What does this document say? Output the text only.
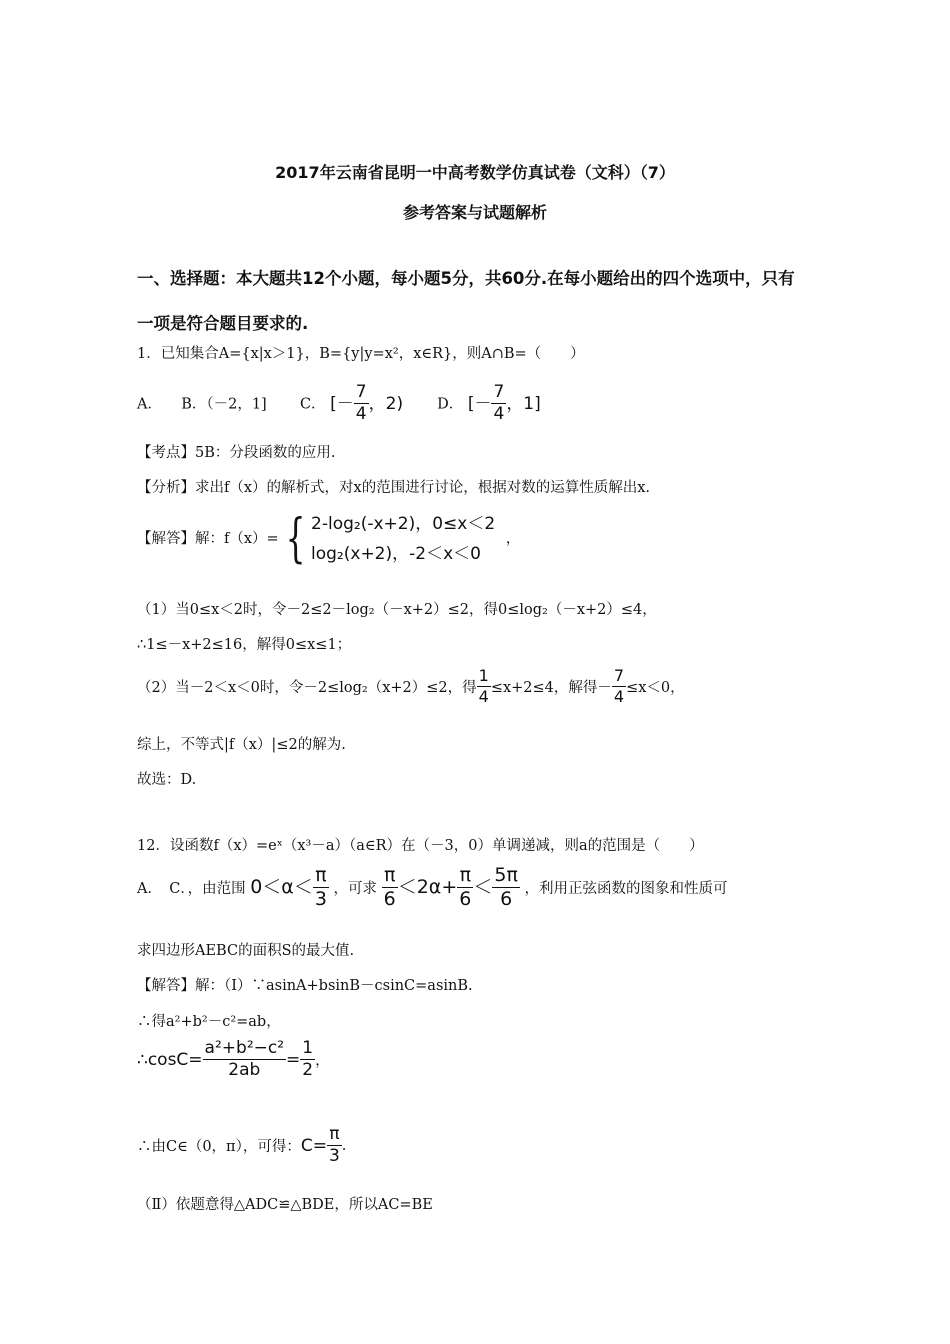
2017年云南省昆明一中高考数学仿真试卷（文科）（7）
参考答案与试题解析
一、选择题：本大题共12个小题，每小题5分，共60分.在每小题给出的四个选项中，只有
一项是符合题目要求的.
1．已知集合A={x|x＞1}，B={y|y=x²，x∈R}，则A∩B=（　　）
A． B．（－2，1] C． [－ $\frac{7}{4}$ ，2) D． [－ $\frac{7}{4}$ ，1]
【考点】5B：分段函数的应用.
【分析】求出f（x）的解析式，对x的范围进行讨论，根据对数的运算性质解出x.
【解答】解：f（x）= { 2-log₂(-x+2)，0≤x＜2
log₂(x+2)，-2＜x＜0
，
（1）当0≤x＜2时，令－2≤2－log₂（－x+2）≤2，得0≤log₂（－x+2）≤4，
∴1≤－x+2≤16，解得0≤x≤1；
（2）当－2＜x＜0时，令－2≤log₂（x+2）≤2，得 $\frac{1}{4} \le x+2\le 4$，解得－ $\frac{7}{4} \le x<0$，
综上，不等式|f（x）|≤2的解为.
故选：D.
12．设函数f（x）=eˣ（x³－a）（a∈R）在（－3，0）单调递减，则a的范围是（　　）
A．　C．，由范围 $0<\alpha< \frac{\pi}{3}$ ，可求 $\frac{\pi}{6} <2\alpha+ \frac{\pi}{6} < \frac{5\pi}{6}$ ，利用正弦函数的图象和性质可
求四边形AEBC的面积S的最大值.
【解答】解：（Ⅰ）∵asinA+bsinB－csinC=asinB.
∴得a²+b²－c²=ab，
∴cosC= $\frac{\text{a²+b²−c²}}{2ab} = \frac{1}{2}$ ，
∴由C∈（0，π），可得：$C= \frac{\pi}{3}$ .
（Ⅱ）依题意得△ADC≌△BDE，所以AC=BE
